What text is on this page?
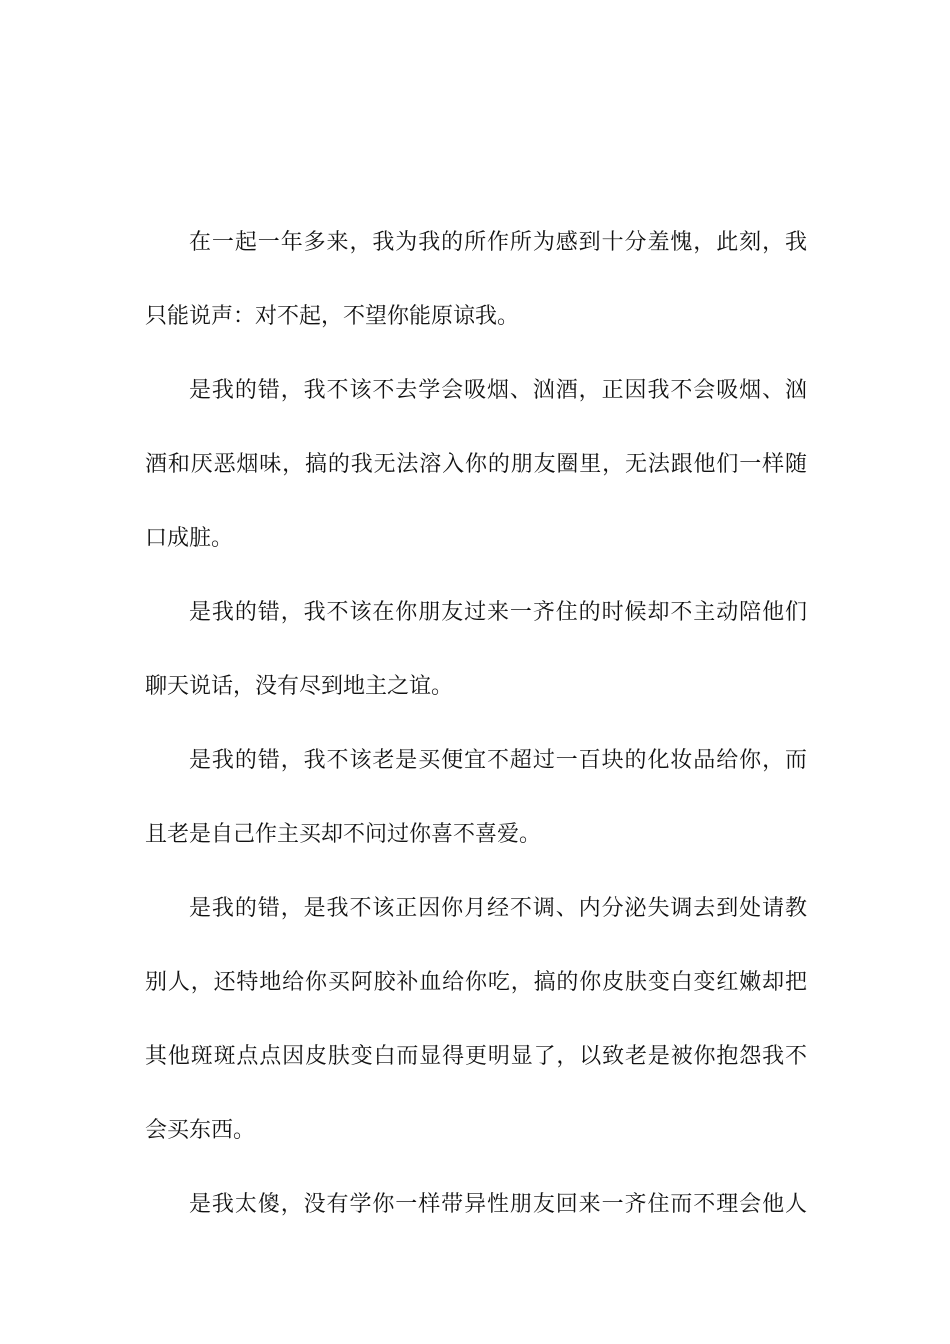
在一起一年多来，我为我的所作所为感到十分羞愧，此刻，我
只能说声：对不起，不望你能原谅我。
是我的错，我不该不去学会吸烟、汹酒，正因我不会吸烟、汹
酒和厌恶烟味，搞的我无法溶入你的朋友圈里，无法跟他们一样随
口成脏。
是我的错，我不该在你朋友过来一齐住的时候却不主动陪他们
聊天说话，没有尽到地主之谊。
是我的错，我不该老是买便宜不超过一百块的化妆品给你，而
且老是自己作主买却不问过你喜不喜爱。
是我的错，是我不该正因你月经不调、内分泌失调去到处请教
别人，还特地给你买阿胶补血给你吃，搞的你皮肤变白变红嫩却把
其他斑斑点点因皮肤变白而显得更明显了，以致老是被你抱怨我不
会买东西。
是我太傻，没有学你一样带异性朋友回来一齐住而不理会他人
